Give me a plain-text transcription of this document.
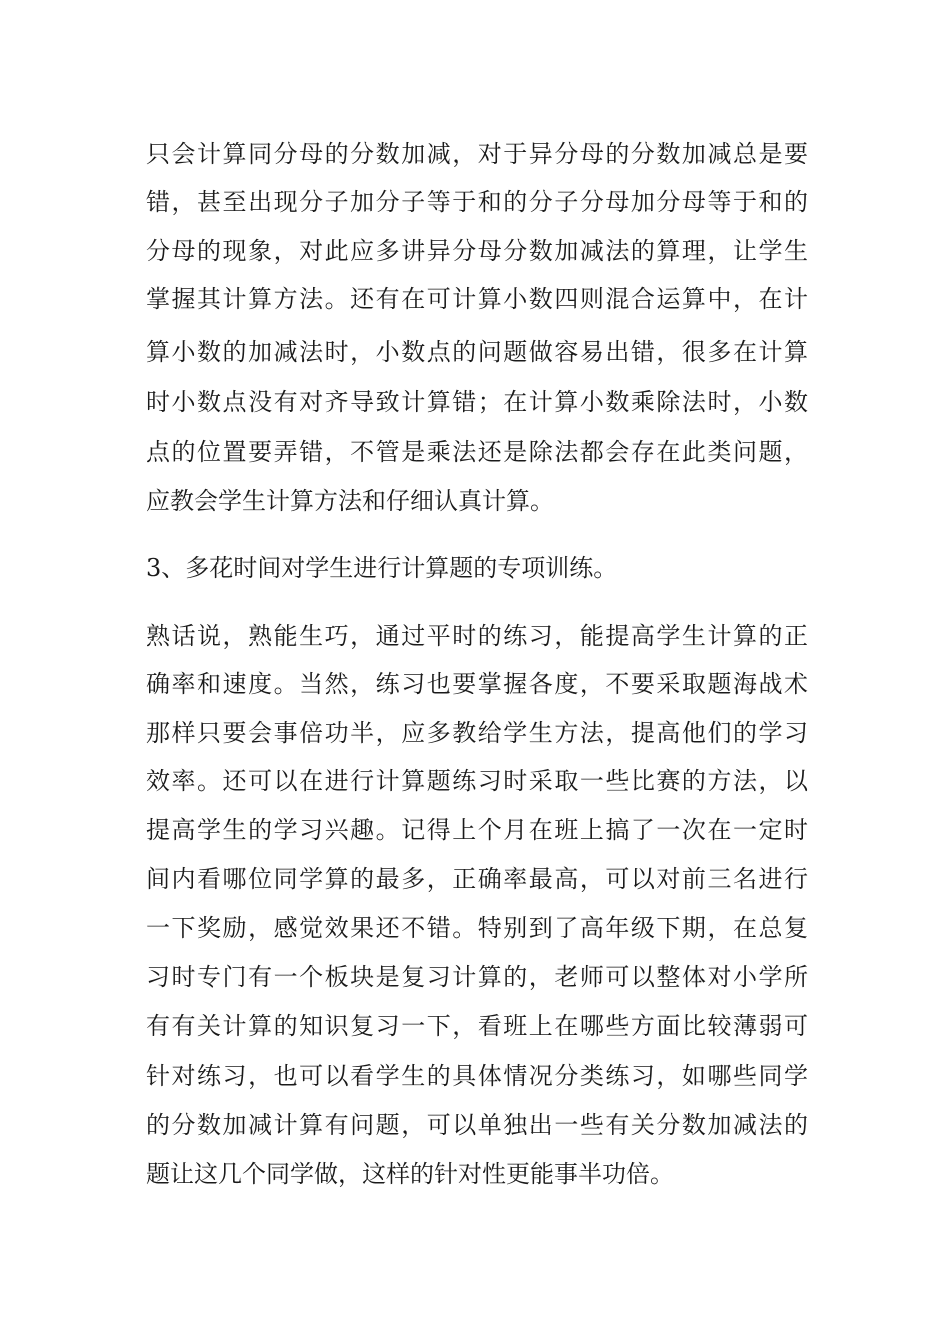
只会计算同分母的分数加减，对于异分母的分数加减总是要
错，甚至出现分子加分子等于和的分子分母加分母等于和的
分母的现象，对此应多讲异分母分数加减法的算理，让学生
掌握其计算方法。还有在可计算小数四则混合运算中，在计
算小数的加减法时，小数点的问题做容易出错，很多在计算
时小数点没有对齐导致计算错；在计算小数乘除法时，小数
点的位置要弄错，不管是乘法还是除法都会存在此类问题，
应教会学生计算方法和仔细认真计算。
3、多花时间对学生进行计算题的专项训练。
熟话说，熟能生巧，通过平时的练习，能提高学生计算的正
确率和速度。当然，练习也要掌握各度，不要采取题海战术
那样只要会事倍功半，应多教给学生方法，提高他们的学习
效率。还可以在进行计算题练习时采取一些比赛的方法，以
提高学生的学习兴趣。记得上个月在班上搞了一次在一定时
间内看哪位同学算的最多，正确率最高，可以对前三名进行
一下奖励，感觉效果还不错。特别到了高年级下期，在总复
习时专门有一个板块是复习计算的，老师可以整体对小学所
有有关计算的知识复习一下，看班上在哪些方面比较薄弱可
针对练习，也可以看学生的具体情况分类练习，如哪些同学
的分数加减计算有问题，可以单独出一些有关分数加减法的
题让这几个同学做，这样的针对性更能事半功倍。
